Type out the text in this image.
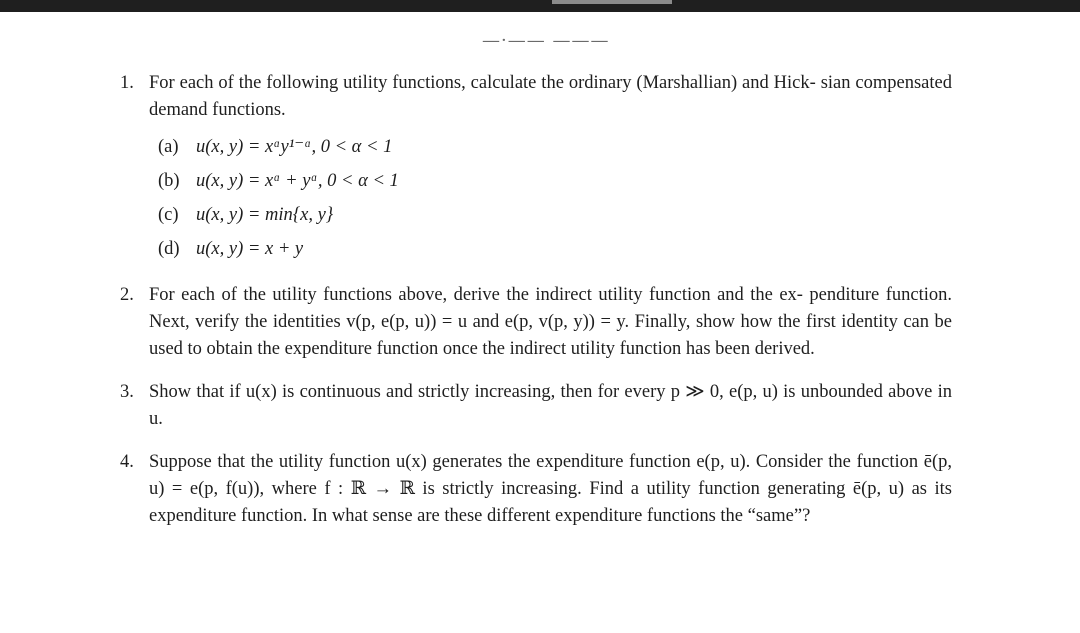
—·—— ———
1. For each of the following utility functions, calculate the ordinary (Marshallian) and Hick- sian compensated demand functions.
(a) u(x, y) = xᵅy¹⁻ᵅ, 0 < α < 1
(b) u(x, y) = xᵅ + yᵅ, 0 < α < 1
(c) u(x, y) = min{x, y}
(d) u(x, y) = x + y
2. For each of the utility functions above, derive the indirect utility function and the ex- penditure function. Next, verify the identities v(p, e(p, u)) = u and e(p, v(p, y)) = y. Finally, show how the first identity can be used to obtain the expenditure function once the indirect utility function has been derived.
3. Show that if u(x) is continuous and strictly increasing, then for every p ≫ 0, e(p, u) is unbounded above in u.
4. Suppose that the utility function u(x) generates the expenditure function e(p, u). Consider the function ē(p, u) = e(p, f(u)), where f : ℝ → ℝ is strictly increasing. Find a utility function generating ē(p, u) as its expenditure function. In what sense are these different expenditure functions the “same”?
